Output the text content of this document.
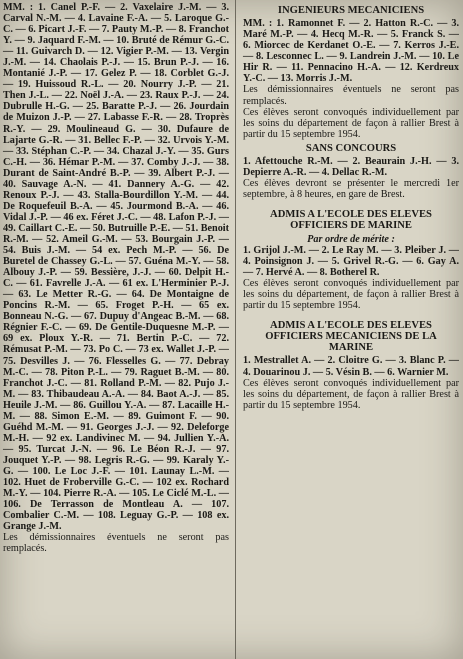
MM. : 1. Canel P.-F. — 2. Vaxelaire J.-M. — 3. Carval N.-M. — 4. Lavaine F.-A. — 5. Laroque G.-C. — 6. Picart J.-F. — 7. Pauty M.-P. — 8. Franchot Y. — 9. Jaquard F.-M. — 10. Bruté de Rémur G.-C. — 11. Guivarch D. — 12. Vigier P.-M. — 13. Vergin J.-M. — 14. Chaolais P.-J. — 15. Brun P.-J. — 16. Montanié J.-P. — 17. Gelez P. — 18. Corblet G.-J. — 19. Huissoud R.-L. — 20. Nourry J.-P. — 21. Then J.-L. — 22. Noël J.-A. — 23. Raux P.-J. — 24. Dubrulle H.-G. — 25. Baratte P.-J. — 26. Jourdain de Muizon J.-P. — 27. Labasse F.-R. — 28. Troprès R.-Y. — 29. Moulineaud G. — 30. Dufaure de Lajarte G.-R. — 31. Bellec F.-P. — 32. Urvois Y.-M. — 33. Stéphan C.-P. — 34. Chazal J.-Y. — 35. Gurs C.-H. — 36. Hémar P.-M. — 37. Comby J.-J. — 38. Durant de Saint-André B.-P. — 39. Albert P.-J. — 40. Sauvage A.-N. — 41. Dannery A.-G. — 42. Renoux P.-J. — 43. Stalla-Bourdillon Y.-M. — 44. De Roquefeuil B.-A. — 45. Jourmond B.-A. — 46. Vidal J.-P. — 46 ex. Féret J.-C. — 48. Lafon P.-J. — 49. Caillart C.-E. — 50. Butruille P.-E. — 51. Benoit R.-M. — 52. Ameil G.-M. — 53. Bourgain J.-P. — 54. Buis J.-M. — 54 ex. Pech M.-P. — 56. De Buretel de Chassey G.-L. — 57. Guéna M.-Y. — 58. Albouy J.-P. — 59. Bessière, J.-J. — 60. Delpit H.-C. — 61. Favrelle J.-A. — 61 ex. L'Herminier P.-J. — 63. Le Metter R.-G. — 64. De Montaigne de Poncins R.-M. — 65. Froget P.-H. — 65 ex. Bonneau N.-G. — 67. Dupuy d'Angeac B.-M. — 68. Régnier F.-C. — 69. De Gentile-Duquesne M.-P. — 69 ex. Ploux Y.-R. — 71. Bertin P.-C. — 72. Rémusat P.-M. — 73. Po C. — 73 ex. Wallet J.-P. — 75. Desvilles J. — 76. Flesselles G. — 77. Debray M.-C. — 78. Piton P.-L. — 79. Raguet B.-M. — 80. Franchot J.-C. — 81. Rolland P.-M. — 82. Pujo J.-M. — 83. Thibaudeau A.-A. — 84. Baot A.-J. — 85. Heuile J.-M. — 86. Guillou Y.-A. — 87. Lacaille H.-M. — 88. Simon E.-M. — 89. Guimont F. — 90. Guéhd M.-M. — 91. Georges J.-J. — 92. Deleforge M.-H. — 92 ex. Landivinec M. — 94. Jullien Y.-A. — 95. Turcat J.-N. — 96. Le Béon R.-J. — 97. Jouquet Y.-P. — 98. Legris R.-G. — 99. Karaly Y.-G. — 100. Le Loc J.-F. — 101. Launay L.-M. — 102. Huet de Froberville G.-C. — 102 ex. Rochard M.-Y. — 104. Pierre R.-A. — 105. Le Ciclé M.-L. — 106. De Terrasson de Montleau A. — 107. Combalier C.-M. — 108. Leguay G.-P. — 108 ex. Grange J.-M.

Les démissionnaires éventuels ne seront pas remplacés.

INGENIEURS MECANICIENS

MM. : 1. Ramonnet F. — 2. Hatton R.-C. — 3. Maré M.-P. — 4. Hecq M.-R. — 5. Franck S. — 6. Miorcec de Kerdanet O.-E. — 7. Kerros J.-E. — 8. Lesconnec L. — 9. Landrein J.-M. — 10. Le Hir R. — 11. Pennacino H.-A. — 12. Kerdreux Y.-C. — 13. Morris J.-M.

Les démissionnaires éventuels ne seront pas remplacés.

Ces élèves seront convoqués individuellement par les soins du département de façon à rallier Brest à partir du 15 septembre 1954.

SANS CONCOURS

1. Afettouche R.-M. — 2. Beaurain J.-H. — 3. Depierre A.-R. — 4. Dellac R.-M.

Ces élèves devront se présenter le mercredi 1er septembre, à 8 heures, en gare de Brest.

ADMIS A L'ECOLE DES ELEVES OFFICIERS DE MARINE
Par ordre de mérite :

1. Grijol J.-M. — 2. Le Ray M. — 3. Pleiber J. — 4. Poinsignon J. — 5. Grivel R.-G. — 6. Gay A. — 7. Hervé A. — 8. Botherel R.

Ces élèves seront convoqués individuellement par les soins du département, de façon à rallier Brest à partir du 15 septembre 1954.

ADMIS A L'ECOLE DES ELEVES OFFICIERS MECANICIENS DE LA MARINE

1. Mestrallet A. — 2. Cloitre G. — 3. Blanc P. — 4. Douarinou J. — 5. Vésin B. — 6. Warnier M.

Ces élèves seront convoqués individuellement par les soins du département, de façon à rallier Brest à partir du 15 septembre 1954.
